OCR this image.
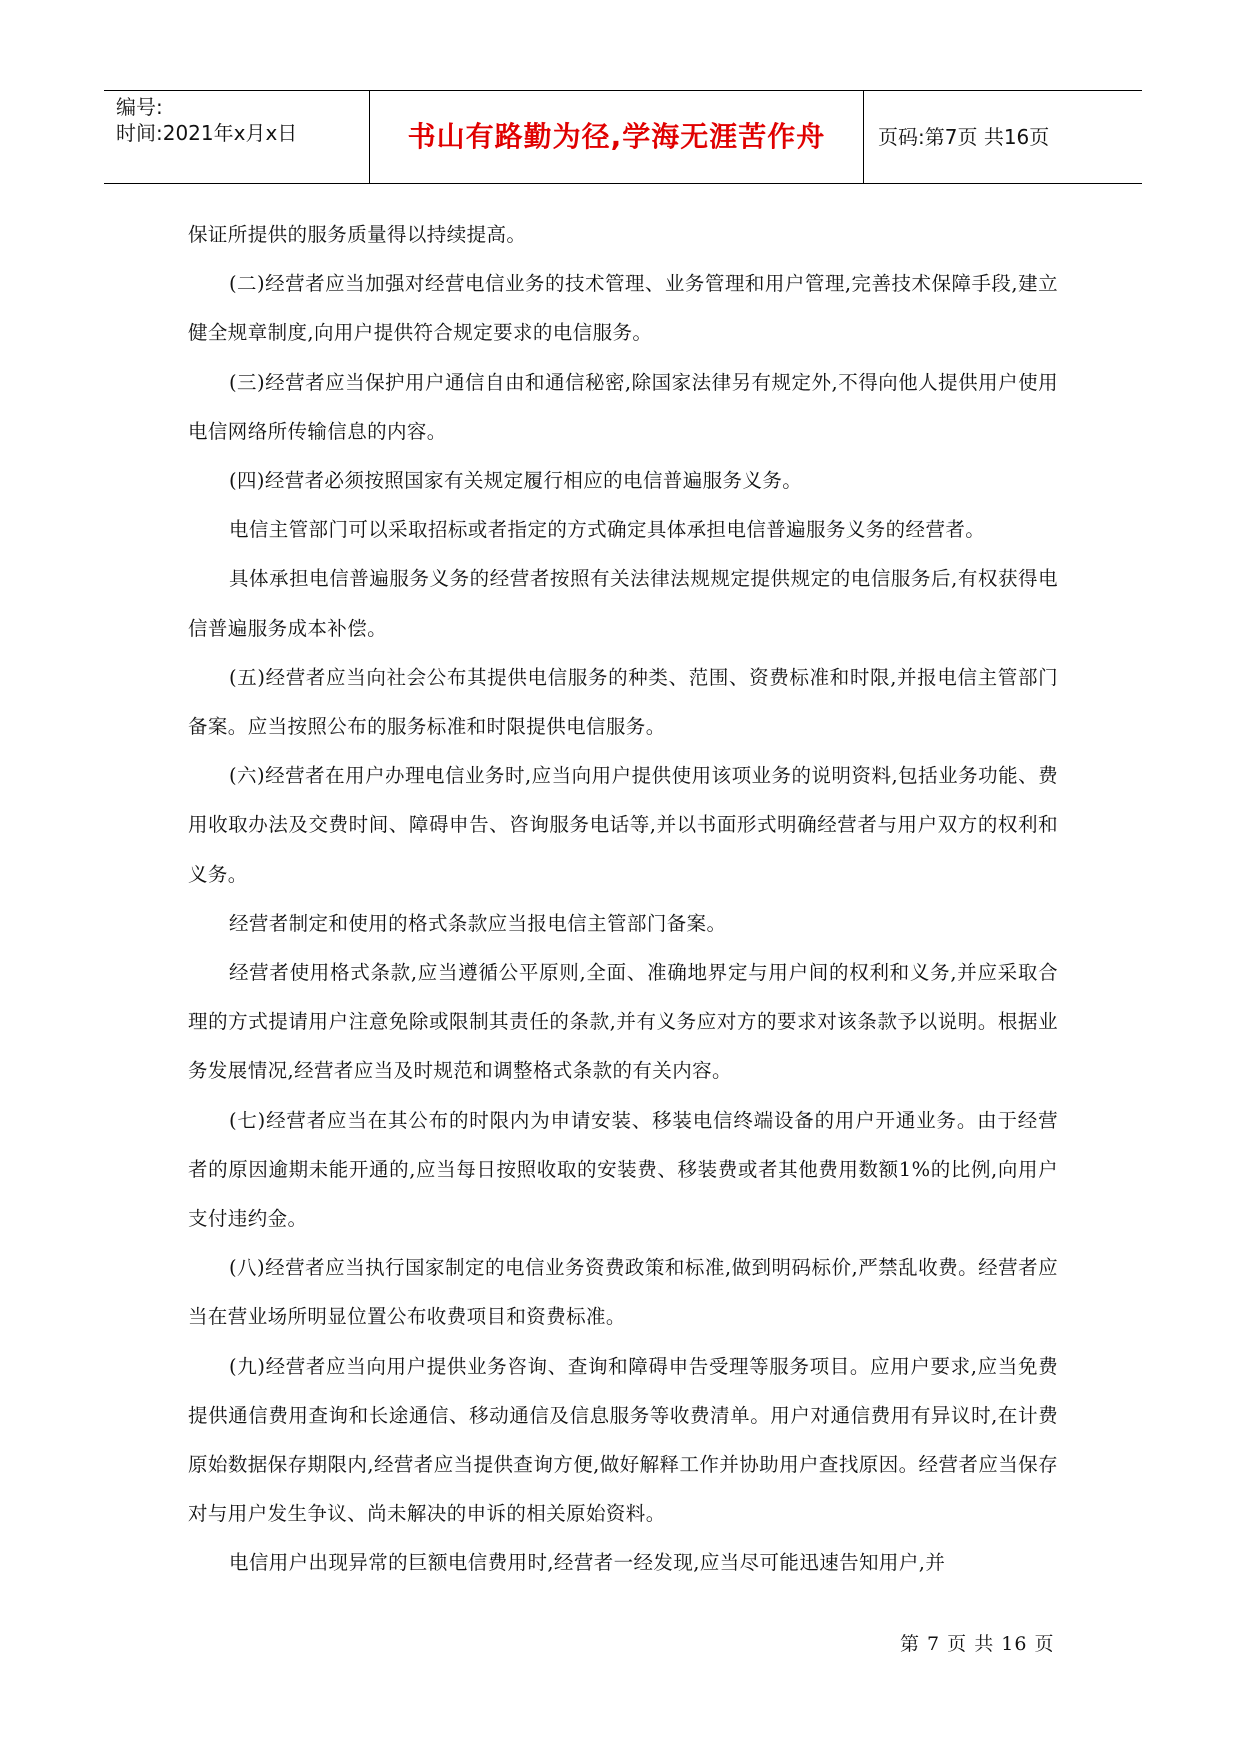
编号:
时间:2021年x月x日	书山有路勤为径,学海无涯苦作舟	页码:第7页 共16页

保证所提供的服务质量得以持续提高。

(二)经营者应当加强对经营电信业务的技术管理、业务管理和用户管理,完善技术保障手段,建立健全规章制度,向用户提供符合规定要求的电信服务。

(三)经营者应当保护用户通信自由和通信秘密,除国家法律另有规定外,不得向他人提供用户使用电信网络所传输信息的内容。

(四)经营者必须按照国家有关规定履行相应的电信普遍服务义务。

电信主管部门可以采取招标或者指定的方式确定具体承担电信普遍服务义务的经营者。

具体承担电信普遍服务义务的经营者按照有关法律法规规定提供规定的电信服务后,有权获得电信普遍服务成本补偿。

(五)经营者应当向社会公布其提供电信服务的种类、范围、资费标准和时限,并报电信主管部门备案。应当按照公布的服务标准和时限提供电信服务。

(六)经营者在用户办理电信业务时,应当向用户提供使用该项业务的说明资料,包括业务功能、费用收取办法及交费时间、障碍申告、咨询服务电话等,并以书面形式明确经营者与用户双方的权利和义务。

经营者制定和使用的格式条款应当报电信主管部门备案。

经营者使用格式条款,应当遵循公平原则,全面、准确地界定与用户间的权利和义务,并应采取合理的方式提请用户注意免除或限制其责任的条款,并有义务应对方的要求对该条款予以说明。根据业务发展情况,经营者应当及时规范和调整格式条款的有关内容。

(七)经营者应当在其公布的时限内为申请安装、移装电信终端设备的用户开通业务。由于经营者的原因逾期未能开通的,应当每日按照收取的安装费、移装费或者其他费用数额1%的比例,向用户支付违约金。

(八)经营者应当执行国家制定的电信业务资费政策和标准,做到明码标价,严禁乱收费。经营者应当在营业场所明显位置公布收费项目和资费标准。

(九)经营者应当向用户提供业务咨询、查询和障碍申告受理等服务项目。应用户要求,应当免费提供通信费用查询和长途通信、移动通信及信息服务等收费清单。用户对通信费用有异议时,在计费原始数据保存期限内,经营者应当提供查询方便,做好解释工作并协助用户查找原因。经营者应当保存对与用户发生争议、尚未解决的申诉的相关原始资料。

电信用户出现异常的巨额电信费用时,经营者一经发现,应当尽可能迅速告知用户,并

第 7 页 共 16 页
